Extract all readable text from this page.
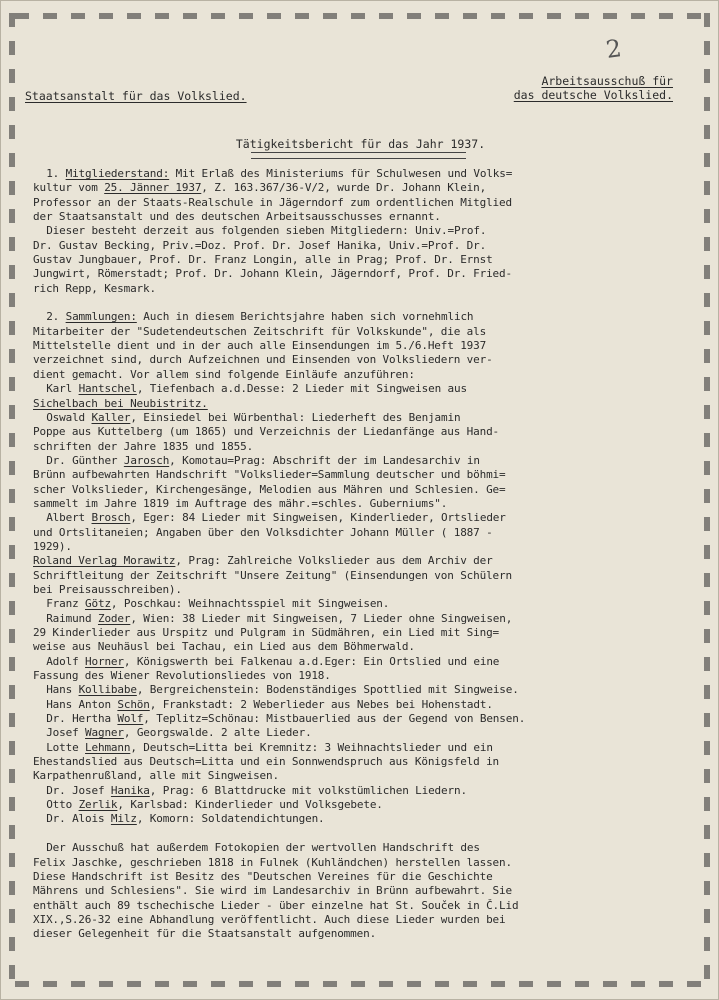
2
Staatsanstalt für das Volkslied.
Arbeitsausschuß für
das deutsche Volkslied.
Tätigkeitsbericht für das Jahr 1937.
1. Mitgliederstand: Mit Erlaß des Ministeriums für Schulwesen und Volks=
kultur vom 25. Jänner 1937, Z. 163.367/36-V/2, wurde Dr. Johann Klein,
Professor an der Staats-Realschule in Jägerndorf zum ordentlichen Mitglied
der Staatsanstalt und des deutschen Arbeitsausschusses ernannt.
Dieser besteht derzeit aus folgenden sieben Mitgliedern: Univ.=Prof.
Dr. Gustav Becking, Priv.=Doz. Prof. Dr. Josef Hanika, Univ.=Prof. Dr.
Gustav Jungbauer, Prof. Dr. Franz Longin, alle in Prag; Prof. Dr. Ernst
Jungwirt, Römerstadt; Prof. Dr. Johann Klein, Jägerndorf, Prof. Dr. Fried-
rich Repp, Kesmark.
2. Sammlungen: Auch in diesem Berichtsjahre haben sich vornehmlich
Mitarbeiter der "Sudetendeutschen Zeitschrift für Volkskunde", die als
Mittelstelle dient und in der auch alle Einsendungen im 5./6.Heft 1937
verzeichnet sind, durch Aufzeichnen und Einsenden von Volksliedern ver-
dient gemacht. Vor allem sind folgende Einläufe anzuführen:
Karl Hantschel, Tiefenbach a.d.Desse: 2 Lieder mit Singweisen aus
Sichelbach bei Neubistritz.
Oswald Kaller, Einsiedel bei Würbenthal: Liederheft des Benjamin
Poppe aus Kuttelberg (um 1865) und Verzeichnis der Liedanfänge aus Hand-
schriften der Jahre 1835 und 1855.
Dr. Günther Jarosch, Komotau=Prag: Abschrift der im Landesarchiv in
Brünn aufbewahrten Handschrift "Volkslieder=Sammlung deutscher und böhmi=
scher Volkslieder, Kirchengesänge, Melodien aus Mähren und Schlesien. Ge=
sammelt im Jahre 1819 im Auftrage des mähr.=schles. Guberniums".
Albert Brosch, Eger: 84 Lieder mit Singweisen, Kinderlieder, Ortslieder
und Ortslitaneien; Angaben über den Volksdichter Johann Müller ( 1887 -
1929).
Roland Verlag Morawitz, Prag: Zahlreiche Volkslieder aus dem Archiv der
Schriftleitung der Zeitschrift "Unsere Zeitung" (Einsendungen von Schülern
bei Preisausschreiben).
Franz Götz, Poschkau: Weihnachtsspiel mit Singweisen.
Raimund Zoder, Wien: 38 Lieder mit Singweisen, 7 Lieder ohne Singweisen,
29 Kinderlieder aus Urspitz und Pulgram in Südmähren, ein Lied mit Sing=
weise aus Neuhäusl bei Tachau, ein Lied aus dem Böhmerwald.
Adolf Horner, Königswerth bei Falkenau a.d.Eger: Ein Ortslied und eine
Fassung des Wiener Revolutionsliedes von 1918.
Hans Kollibabe, Bergreichenstein: Bodenständiges Spottlied mit Singweise.
Hans Anton Schön, Frankstadt: 2 Weberlieder aus Nebes bei Hohenstadt.
Dr. Hertha Wolf, Teplitz=Schönau: Mistbauerlied aus der Gegend von Bensen.
Josef Wagner, Georgswalde. 2 alte Lieder.
Lotte Lehmann, Deutsch=Litta bei Kremnitz: 3 Weihnachtslieder und ein
Ehestandslied aus Deutsch=Litta und ein Sonnwendspruch aus Königsfeld in
Karpathenrußland, alle mit Singweisen.
Dr. Josef Hanika, Prag: 6 Blattdrucke mit volkstümlichen Liedern.
Otto Zerlik, Karlsbad: Kinderlieder und Volksgebete.
Dr. Alois Milz, Komorn: Soldatendichtungen.
Der Ausschuß hat außerdem Fotokopien der wertvollen Handschrift des
Felix Jaschke, geschrieben 1818 in Fulnek (Kuhländchen) herstellen lassen.
Diese Handschrift ist Besitz des "Deutschen Vereines für die Geschichte
Mährens und Schlesiens". Sie wird im Landesarchiv in Brünn aufbewahrt. Sie
enthält auch 89 tschechische Lieder - über einzelne hat St. Souček in Č.Lid
XIX.,S.26-32 eine Abhandlung veröffentlicht. Auch diese Lieder wurden bei
dieser Gelegenheit für die Staatsanstalt aufgenommen.
